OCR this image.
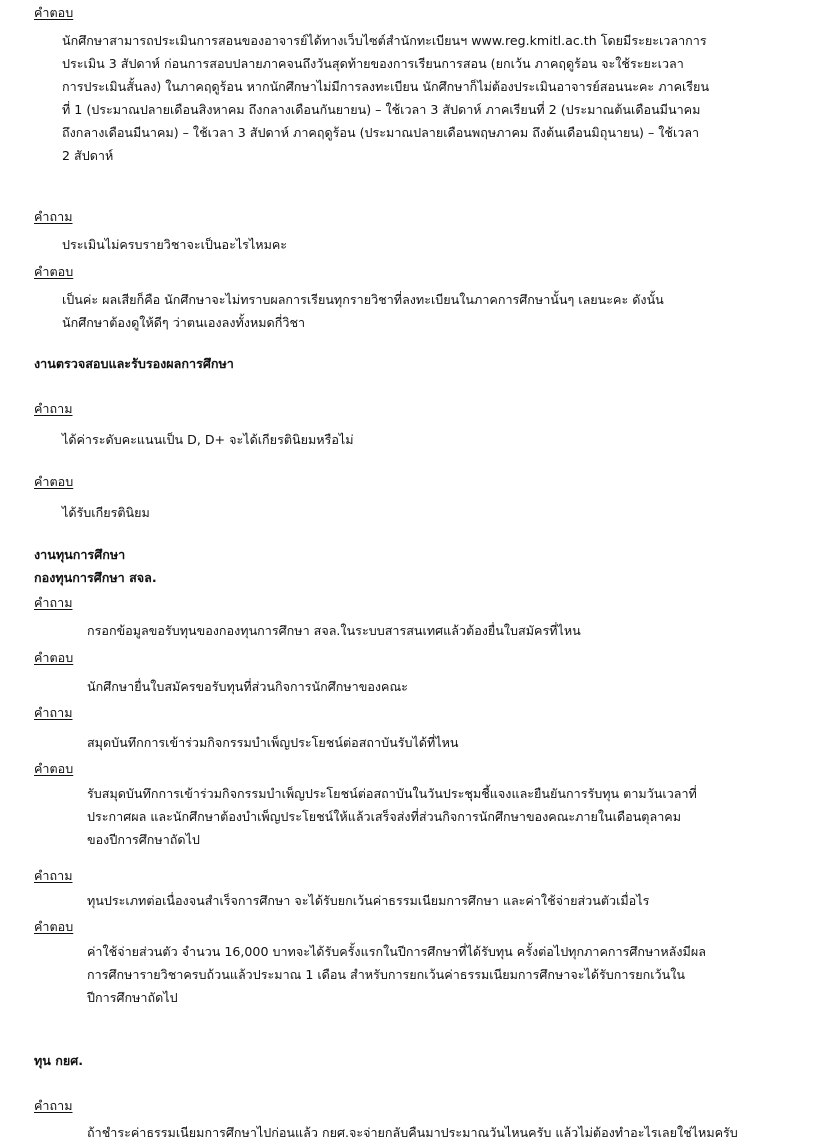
คำตอบ
นักศึกษาสามารถประเมินการสอนของอาจารย์ได้ทางเว็บไซต์สำนักทะเบียนฯ www.reg.kmitl.ac.th โดยมีระยะเวลาการ
ประเมิน 3 สัปดาห์ ก่อนการสอบปลายภาคจนถึงวันสุดท้ายของการเรียนการสอน (ยกเว้น ภาคฤดูร้อน จะใช้ระยะเวลา
การประเมินสั้นลง) ในภาคฤดูร้อน หากนักศึกษาไม่มีการลงทะเบียน นักศึกษาก็ไม่ต้องประเมินอาจารย์สอนนะคะ ภาคเรียน
ที่ 1 (ประมาณปลายเดือนสิงหาคม ถึงกลางเดือนกันยายน) – ใช้เวลา 3 สัปดาห์ ภาคเรียนที่ 2 (ประมาณต้นเดือนมีนาคม
ถึงกลางเดือนมีนาคม) – ใช้เวลา 3 สัปดาห์ ภาคฤดูร้อน (ประมาณปลายเดือนพฤษภาคม ถึงต้นเดือนมิถุนายน) – ใช้เวลา
2 สัปดาห์
คำถาม
ประเมินไม่ครบรายวิชาจะเป็นอะไรไหมคะ
คำตอบ
เป็นค่ะ ผลเสียก็คือ นักศึกษาจะไม่ทราบผลการเรียนทุกรายวิชาที่ลงทะเบียนในภาคการศึกษานั้นๆ เลยนะคะ ดังนั้น
นักศึกษาต้องดูให้ดีๆ ว่าตนเองลงทั้งหมดกี่วิชา
งานตรวจสอบและรับรองผลการศึกษา
คำถาม
ได้ค่าระดับคะแนนเป็น D, D+ จะได้เกียรตินิยมหรือไม่
คำตอบ
ได้รับเกียรตินิยม
งานทุนการศึกษา
กองทุนการศึกษา สจล.
คำถาม
กรอกข้อมูลขอรับทุนของกองทุนการศึกษา สจล.ในระบบสารสนเทศแล้วต้องยื่นใบสมัครที่ไหน
คำตอบ
นักศึกษายื่นใบสมัครขอรับทุนที่ส่วนกิจการนักศึกษาของคณะ
คำถาม
สมุดบันทึกการเข้าร่วมกิจกรรมบำเพ็ญประโยชน์ต่อสถาบันรับได้ที่ไหน
คำตอบ
รับสมุดบันทึกการเข้าร่วมกิจกรรมบำเพ็ญประโยชน์ต่อสถาบันในวันประชุมชี้แจงและยืนยันการรับทุน ตามวันเวลาที่
ประกาศผล และนักศึกษาต้องบำเพ็ญประโยชน์ให้แล้วเสร็จส่งที่ส่วนกิจการนักศึกษาของคณะภายในเดือนตุลาคม
ของปีการศึกษาถัดไป
คำถาม
ทุนประเภทต่อเนื่องจนสำเร็จการศึกษา จะได้รับยกเว้นค่าธรรมเนียมการศึกษา และค่าใช้จ่ายส่วนตัวเมื่อไร
คำตอบ
ค่าใช้จ่ายส่วนตัว จำนวน 16,000 บาทจะได้รับครั้งแรกในปีการศึกษาที่ได้รับทุน ครั้งต่อไปทุกภาคการศึกษาหลังมีผล
การศึกษารายวิชาครบถ้วนแล้วประมาณ 1 เดือน สำหรับการยกเว้นค่าธรรมเนียมการศึกษาจะได้รับการยกเว้นใน
ปีการศึกษาถัดไป
ทุน กยศ.
คำถาม
ถ้าชำระค่าธรรมเนียมการศึกษาไปก่อนแล้ว กยศ.จะจ่ายกลับคืนมาประมาณวันไหนครับ แล้วไม่ต้องทำอะไรเลยใช่ไหมครับ
